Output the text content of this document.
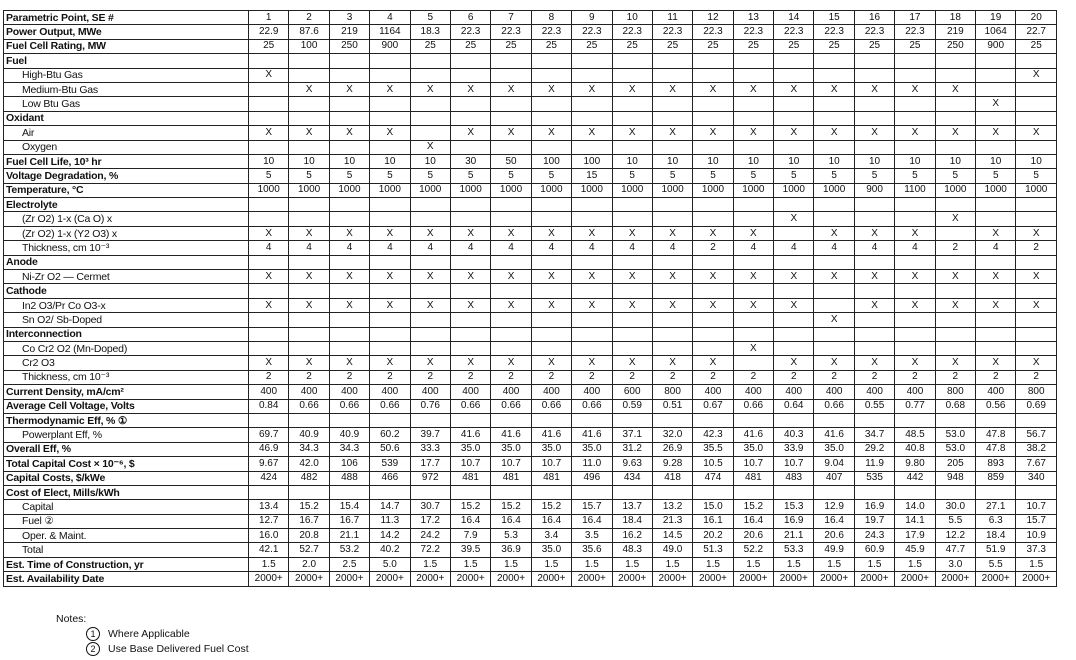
Parametric Point, SE #	1	2	3	4	5	6	7	8	9	10	11	12	13	14	15	16	17	18	19	20
Power Output, MWe	22.9	87.6	219	1164	18.3	22.3	22.3	22.3	22.3	22.3	22.3	22.3	22.3	22.3	22.3	22.3	22.3	219	1064	22.7
Fuel Cell Rating, MW	25	100	250	900	25	25	25	25	25	25	25	25	25	25	25	25	25	250	900	25
Fuel																				
High-Btu Gas	X																			X
Medium-Btu Gas		X	X	X	X	X	X	X	X	X	X	X	X	X	X	X	X	X		
Low Btu Gas																			X	
Oxidant																				
Air	X	X	X	X		X	X	X	X	X	X	X	X	X	X	X	X	X	X	X
Oxygen					X															
Fuel Cell Life, 10³ hr	10	10	10	10	10	30	50	100	100	10	10	10	10	10	10	10	10	10	10	10
Voltage Degradation, %	5	5	5	5	5	5	5	5	15	5	5	5	5	5	5	5	5	5	5	5
Temperature, °C	1000	1000	1000	1000	1000	1000	1000	1000	1000	1000	1000	1000	1000	1000	1000	900	1100	1000	1000	1000
Electrolyte																				
(Zr O2) 1-x (Ca O) x														X				X		
(Zr O2) 1-x (Y2 O3) x	X	X	X	X	X	X	X	X	X	X	X	X	X		X	X	X		X	X
Thickness, cm 10⁻³	4	4	4	4	4	4	4	4	4	4	4	2	4	4	4	4	4	2	4	2
Anode																				
Ni-Zr O2 — Cermet	X	X	X	X	X	X	X	X	X	X	X	X	X	X	X	X	X	X	X	X
Cathode																				
In2 O3/Pr Co O3-x	X	X	X	X	X	X	X	X	X	X	X	X	X	X		X	X	X	X	X
Sn O2/ Sb-Doped															X					
Interconnection																				
Co Cr2 O2 (Mn-Doped)													X							
Cr2 O3	X	X	X	X	X	X	X	X	X	X	X	X		X	X	X	X	X	X	X
Thickness, cm 10⁻³	2	2	2	2	2	2	2	2	2	2	2	2	2	2	2	2	2	2	2	2
Current Density, mA/cm²	400	400	400	400	400	400	400	400	400	600	800	400	400	400	400	400	400	800	400	800
Average Cell Voltage, Volts	0.84	0.66	0.66	0.66	0.76	0.66	0.66	0.66	0.66	0.59	0.51	0.67	0.66	0.64	0.66	0.55	0.77	0.68	0.56	0.69
Thermodynamic Eff, % ①																				
Powerplant Eff, %	69.7	40.9	40.9	60.2	39.7	41.6	41.6	41.6	41.6	37.1	32.0	42.3	41.6	40.3	41.6	34.7	48.5	53.0	47.8	56.7
Overall Eff, %	46.9	34.3	34.3	50.6	33.3	35.0	35.0	35.0	35.0	31.2	26.9	35.5	35.0	33.9	35.0	29.2	40.8	53.0	47.8	38.2
Total Capital Cost × 10⁻⁶, $	9.67	42.0	106	539	17.7	10.7	10.7	10.7	11.0	9.63	9.28	10.5	10.7	10.7	9.04	11.9	9.80	205	893	7.67
Capital Costs, $/kWe	424	482	488	466	972	481	481	481	496	434	418	474	481	483	407	535	442	948	859	340
Cost of Elect, Mills/kWh																				
Capital	13.4	15.2	15.4	14.7	30.7	15.2	15.2	15.2	15.7	13.7	13.2	15.0	15.2	15.3	12.9	16.9	14.0	30.0	27.1	10.7
Fuel ②	12.7	16.7	16.7	11.3	17.2	16.4	16.4	16.4	16.4	18.4	21.3	16.1	16.4	16.9	16.4	19.7	14.1	5.5	6.3	15.7
Oper. & Maint.	16.0	20.8	21.1	14.2	24.2	7.9	5.3	3.4	3.5	16.2	14.5	20.2	20.6	21.1	20.6	24.3	17.9	12.2	18.4	10.9
Total	42.1	52.7	53.2	40.2	72.2	39.5	36.9	35.0	35.6	48.3	49.0	51.3	52.2	53.3	49.9	60.9	45.9	47.7	51.9	37.3
Est. Time of Construction, yr	1.5	2.0	2.5	5.0	1.5	1.5	1.5	1.5	1.5	1.5	1.5	1.5	1.5	1.5	1.5	1.5	1.5	3.0	5.5	1.5
Est. Availability Date	2000+	2000+	2000+	2000+	2000+	2000+	2000+	2000+	2000+	2000+	2000+	2000+	2000+	2000+	2000+	2000+	2000+	2000+	2000+	2000+
Notes:
1 Where Applicable
2 Use Base Delivered Fuel Cost
